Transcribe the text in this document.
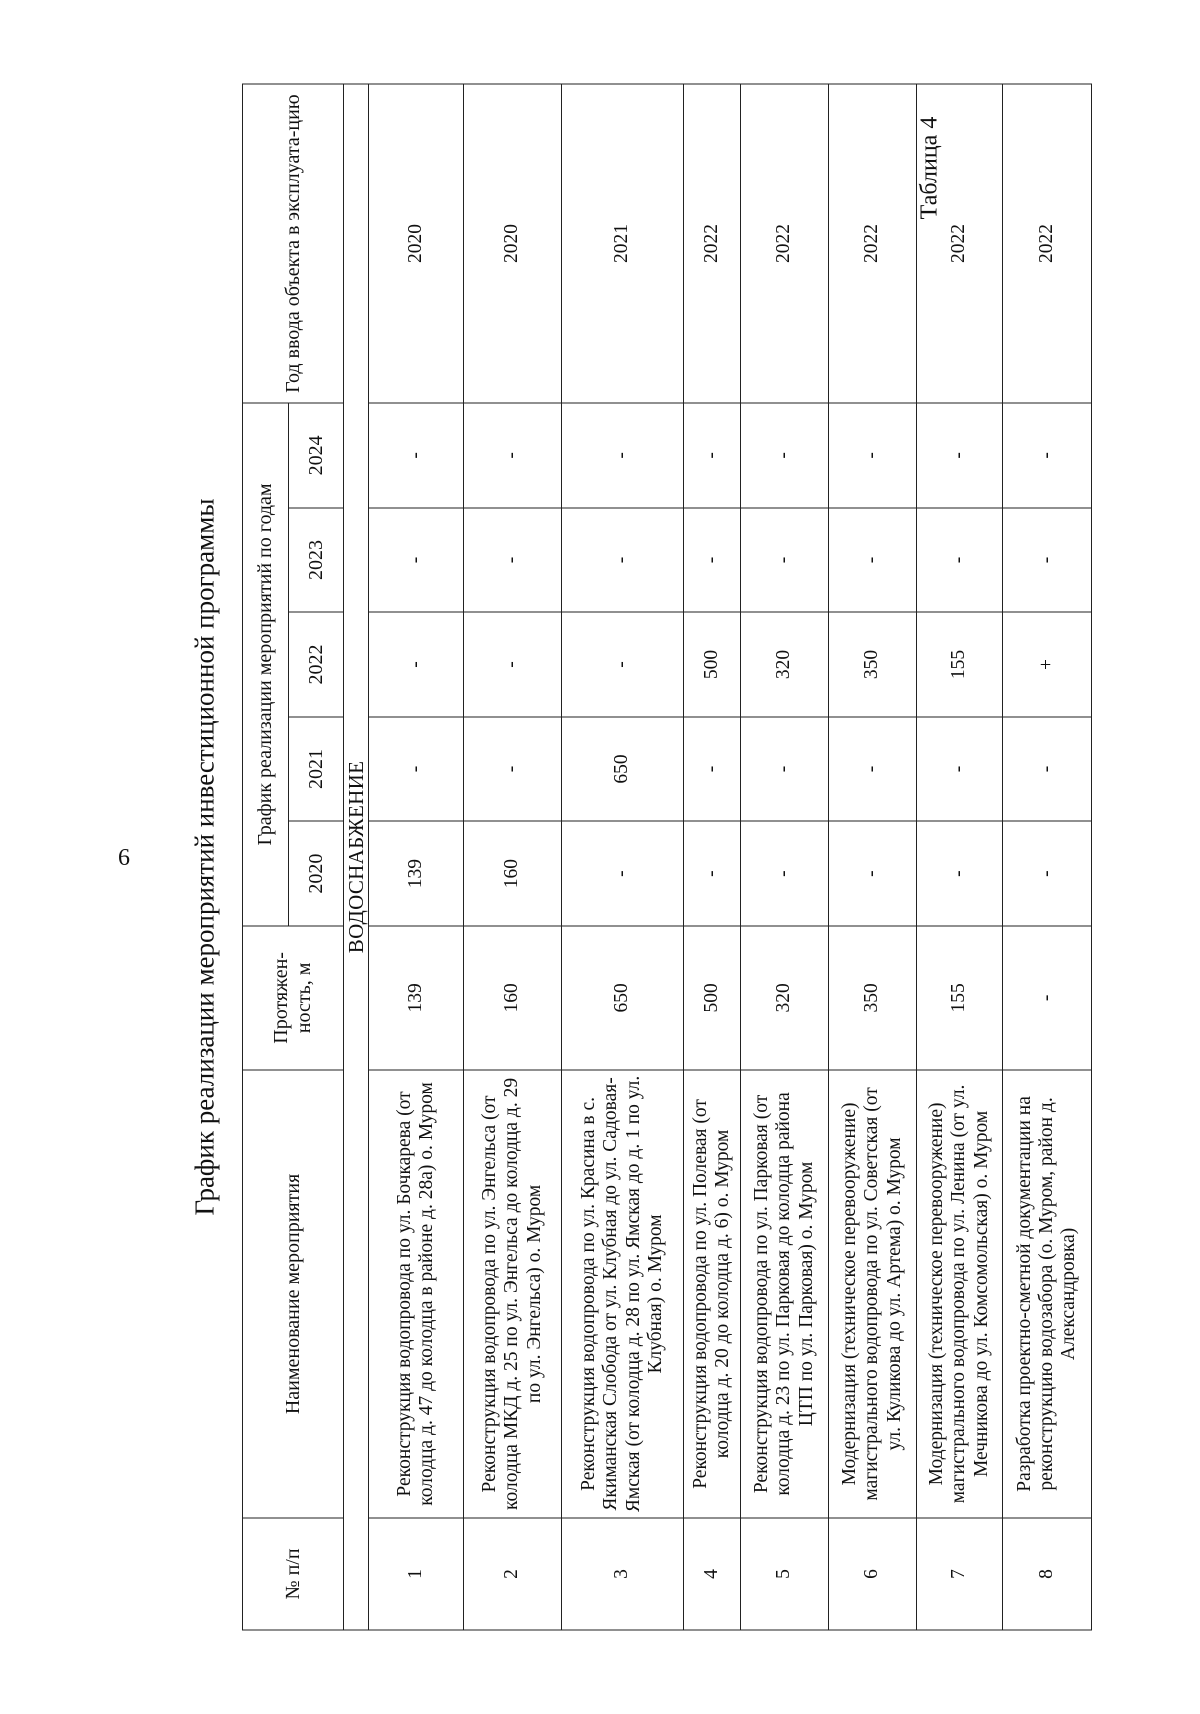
6 График реализации мероприятий инвестиционной программы
Таблица 4
№ п/п	Наименование мероприятия	Протяжен-ность, м	График реализации мероприятий по годам					Год ввода объекта в эксплуата-цию
			2020	2021	2022	2023	2024	
ВОДОСНАБЖЕНИЕ								
1	Реконструкция водопровода по ул. Бочкарева (от колодца д. 47 до колодца в районе д. 28а) о. Муром	139	139	-	-	-	-	2020
2	Реконструкция водопровода по ул. Энгельса (от колодца МКД д. 25 по ул. Энгельса до колодца д. 29 по ул. Энгельса) о. Муром	160	160	-	-	-	-	2020
3	Реконструкция водопровода по ул. Красина в с. Якиманская Слобода от ул. Клубная до ул. Садовая-Ямская (от колодца д. 28 по ул. Ямская до д. 1 по ул. Клубная) о. Муром	650	-	650	-	-	-	2021
4	Реконструкция водопровода по ул. Полевая (от колодца д. 20 до колодца д. 6) о. Муром	500	-	-	500	-	-	2022
5	Реконструкция водопровода по ул. Парковая (от колодца д. 23 по ул. Парковая до колодца района ЦТП по ул. Парковая) о. Муром	320	-	-	320	-	-	2022
6	Модернизация (техническое перевооружение) магистрального водопровода по ул. Советская (от ул. Куликова до ул. Артема) о. Муром	350	-	-	350	-	-	2022
7	Модернизация (техническое перевооружение) магистрального водопровода по ул. Ленина (от ул. Мечникова до ул. Комсомольская) о. Муром	155	-	-	155	-	-	2022
8	Разработка проектно-сметной документации на реконструкцию водозабора (о. Муром, район д. Александровка)	-	-	-	+	-	-	2022
